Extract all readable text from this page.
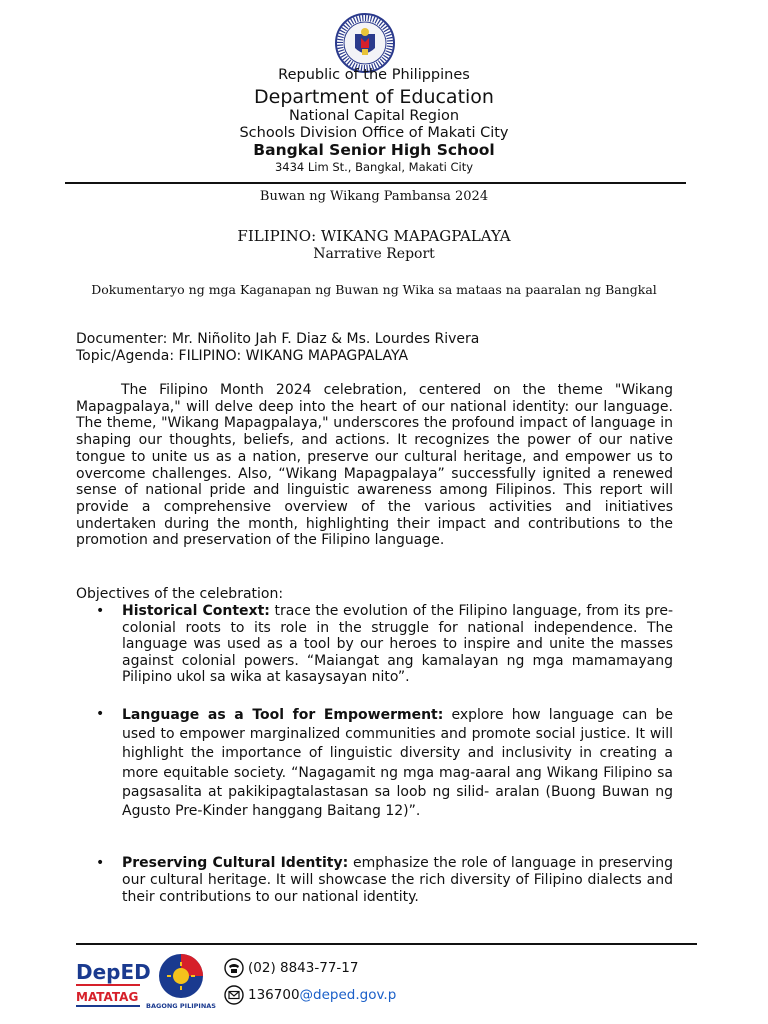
Republic of the Philippines
Department of Education
National Capital Region
Schools Division Office of Makati City
Bangkal Senior High School
3434 Lim St., Bangkal, Makati City
Buwan ng Wikang Pambansa 2024
FILIPINO: WIKANG MAPAGPALAYA
Narrative Report
Dokumentaryo ng mga Kaganapan ng Buwan ng Wika sa mataas na paaralan ng Bangkal
Documenter: Mr. Niñolito Jah F. Diaz & Ms. Lourdes Rivera
Topic/Agenda: FILIPINO: WIKANG MAPAGPALAYA
The Filipino Month 2024 celebration, centered on the theme "Wikang Mapagpalaya," will delve deep into the heart of our national identity: our language. The theme, "Wikang Mapagpalaya," underscores the profound impact of language in shaping our thoughts, beliefs, and actions. It recognizes the power of our native tongue to unite us as a nation, preserve our cultural heritage, and empower us to overcome challenges. Also, “Wikang Mapagpalaya” successfully ignited a renewed sense of national pride and linguistic awareness among Filipinos. This report will provide a comprehensive overview of the various activities and initiatives undertaken during the month, highlighting their impact and contributions to the promotion and preservation of the Filipino language.
Objectives of the celebration:
• Historical Context: trace the evolution of the Filipino language, from its pre-colonial roots to its role in the struggle for national independence. The language was used as a tool by our heroes to inspire and unite the masses against colonial powers. “Maiangat ang kamalayan ng mga mamamayang Pilipino ukol sa wika at kasaysayan nito”.
• Language as a Tool for Empowerment: explore how language can be used to empower marginalized communities and promote social justice. It will highlight the importance of linguistic diversity and inclusivity in creating a more equitable society. “Nagagamit ng mga mag-aaral ang Wikang Filipino sa pagsasalita at pakikipagtalastasan sa loob ng silid- aralan (Buong Buwan ng Agusto Pre-Kinder hanggang Baitang 12)”.
• Preserving Cultural Identity: emphasize the role of language in preserving our cultural heritage. It will showcase the rich diversity of Filipino dialects and their contributions to our national identity.
DepED
MATATAG
BAGONG PILIPINAS
(02) 8843-77-17
136700@deped.gov.p
